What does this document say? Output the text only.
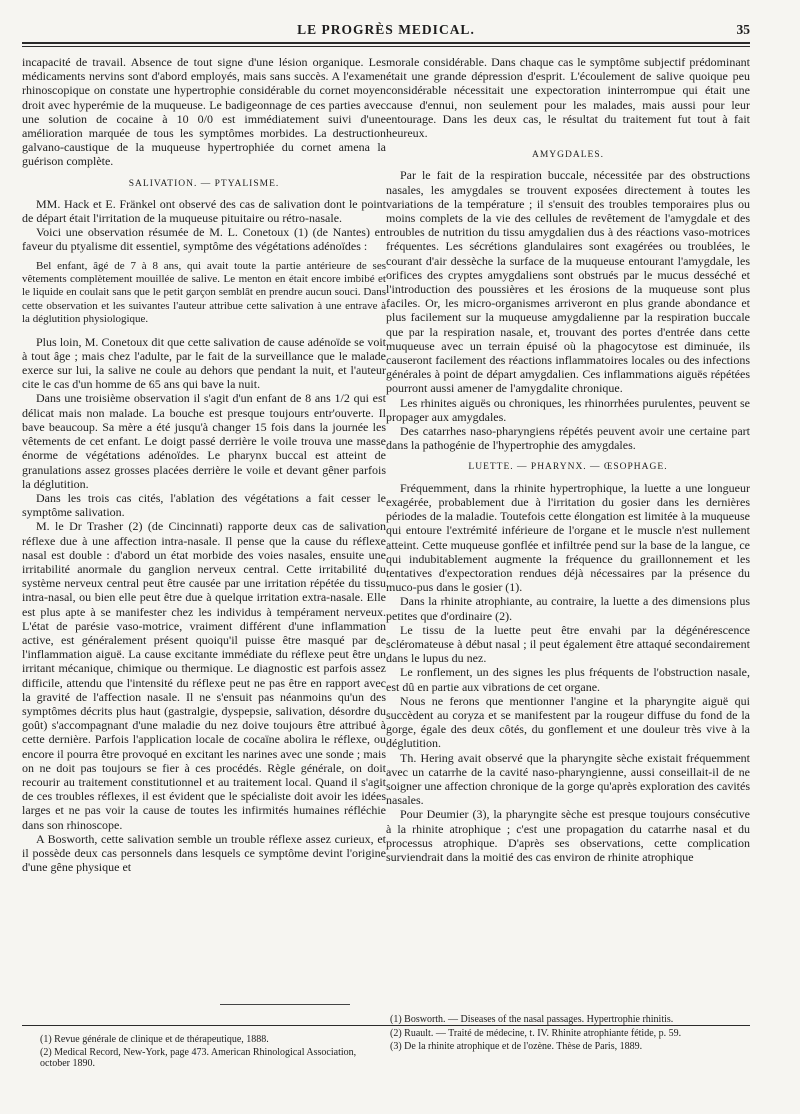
LE PROGRÈS MEDICAL.	35

incapacité de travail. Absence de tout signe d'une lésion organique. Les médicaments nervins sont d'abord employés, mais sans succès. A l'examen rhinoscopique on constate une hypertrophie considérable du cornet moyen droit avec hyperémie de la muqueuse. Le badigeonnage de ces parties avec une solution de cocaine à 10 0/0 est immédiatement suivi d'une amélioration marquée de tous les symptômes morbides. La destruction galvano-caustique de la muqueuse hypertrophiée du cornet amena la guérison complète.

SALIVATION. — PTYALISME.

MM. Hack et E. Fränkel ont observé des cas de salivation dont le point de départ était l'irritation de la muqueuse pituitaire ou rétro-nasale.

Voici une observation résumée de M. L. Conetoux (1) (de Nantes) en faveur du ptyalisme dit essentiel, symptôme des végétations adénoïdes :

Bel enfant, âgé de 7 à 8 ans, qui avait toute la partie antérieure de ses vêtements complètement mouillée de salive. Le menton en était encore imbibé et le liquide en coulait sans que le petit garçon semblât en prendre aucun souci. Dans cette observation et les suivantes l'auteur attribue cette salivation à une entrave à la déglutition physiologique.

Plus loin, M. Conetoux dit que cette salivation de cause adénoïde se voit à tout âge ; mais chez l'adulte, par le fait de la surveillance que le malade exerce sur lui, la salive ne coule au dehors que pendant la nuit, et l'auteur cite le cas d'un homme de 65 ans qui bave la nuit.

Dans une troisième observation il s'agit d'un enfant de 8 ans 1/2 qui est délicat mais non malade. La bouche est presque toujours entr'ouverte. Il bave beaucoup. Sa mère a été jusqu'à changer 15 fois dans la journée les vêtements de cet enfant. Le doigt passé derrière le voile trouva une masse énorme de végétations adénoïdes. Le pharynx buccal est atteint de granulations assez grosses placées derrière le voile et devant gêner parfois la déglutition.

Dans les trois cas cités, l'ablation des végétations a fait cesser le symptôme salivation.

M. le Dr Trasher (2) (de Cincinnati) rapporte deux cas de salivation réflexe due à une affection intra-nasale. Il pense que la cause du réflexe nasal est double : d'abord un état morbide des voies nasales, ensuite une irritabilité anormale du ganglion nerveux central. Cette irritabilité du système nerveux central peut être causée par une irritation répétée du tissu intra-nasal, ou bien elle peut être due à quelque irritation extra-nasale. Elle est plus apte à se manifester chez les individus à tempérament nerveux. L'état de parésie vaso-motrice, vraiment différent d'une inflammation active, est généralement présent quoiqu'il puisse être masqué par de l'inflammation aiguë. La cause excitante immédiate du réflexe peut être un irritant mécanique, chimique ou thermique. Le diagnostic est parfois assez difficile, attendu que l'intensité du réflexe peut ne pas être en rapport avec la gravité de l'affection nasale. Il ne s'ensuit pas néanmoins qu'un des symptômes décrits plus haut (gastralgie, dyspepsie, salivation, désordre du goût) s'accompagnant d'une maladie du nez doive toujours être attribué à cette dernière. Parfois l'application locale de cocaïne abolira le réflexe, ou encore il pourra être provoqué en excitant les narines avec une sonde ; mais on ne doit pas toujours se fier à ces procédés. Règle générale, on doit recourir au traitement constitutionnel et au traitement local. Quand il s'agit de ces troubles réflexes, il est évident que le spécialiste doit avoir les idées larges et ne pas voir la cause de toutes les infirmités humaines réfléchie dans son rhinoscope.

A Bosworth, cette salivation semble un trouble réflexe assez curieux, et il possède deux cas personnels dans lesquels ce symptôme devint l'origine d'une gêne physique et

morale considérable. Dans chaque cas le symptôme subjectif prédominant était une grande dépression d'esprit. L'écoulement de salive quoique peu considérable nécessitait une expectoration ininterrompue qui était une cause d'ennui, non seulement pour les malades, mais aussi pour leur entourage. Dans les deux cas, le résultat du traitement fut tout à fait heureux.

AMYGDALES.

Par le fait de la respiration buccale, nécessitée par des obstructions nasales, les amygdales se trouvent exposées directement à toutes les variations de la température ; il s'ensuit des troubles temporaires plus ou moins complets de la vie des cellules de revêtement de l'amygdale et des troubles de nutrition du tissu amygdalien dus à des réactions vaso-motrices fréquentes. Les sécrétions glandulaires sont exagérées ou troublées, le courant d'air dessèche la surface de la muqueuse entourant l'amygdale, les orifices des cryptes amygdaliens sont obstrués par le mucus desséché et l'introduction des poussières et les érosions de la muqueuse sont plus faciles. Or, les micro-organismes arriveront en plus grande abondance et plus facilement sur la muqueuse amygdalienne par la respiration buccale que par la respiration nasale, et, trouvant des portes d'entrée dans cette muqueuse avec un terrain épuisé où la phagocytose est diminuée, ils causeront facilement des réactions inflammatoires locales ou des infections générales à point de départ amygdalien. Ces inflammations aiguës répétées pourront aussi amener de l'amygdalite chronique.

Les rhinites aiguës ou chroniques, les rhinorrhées purulentes, peuvent se propager aux amygdales.

Des catarrhes naso-pharyngiens répétés peuvent avoir une certaine part dans la pathogénie de l'hypertrophie des amygdales.

LUETTE. — PHARYNX. — ŒSOPHAGE.

Fréquemment, dans la rhinite hypertrophique, la luette a une longueur exagérée, probablement due à l'irritation du gosier dans les dernières périodes de la maladie. Toutefois cette élongation est limitée à la muqueuse qui entoure l'extrémité inférieure de l'organe et le muscle n'est nullement atteint. Cette muqueuse gonflée et infiltrée pend sur la base de la langue, ce qui indubitablement augmente la fréquence du graillonnement et les tentatives d'expectoration rendues déjà nécessaires par la présence du muco-pus dans le gosier (1).

Dans la rhinite atrophiante, au contraire, la luette a des dimensions plus petites que d'ordinaire (2).

Le tissu de la luette peut être envahi par la dégénérescence scléromateuse à début nasal ; il peut également être attaqué secondairement dans le lupus du nez.

Le ronflement, un des signes les plus fréquents de l'obstruction nasale, est dû en partie aux vibrations de cet organe.

Nous ne ferons que mentionner l'angine et la pharyngite aiguë qui succèdent au coryza et se manifestent par la rougeur diffuse du fond de la gorge, égale des deux côtés, du gonflement et une douleur très vive à la déglutition.

Th. Hering avait observé que la pharyngite sèche existait fréquemment avec un catarrhe de la cavité naso-pharyngienne, aussi conseillait-il de ne soigner une affection chronique de la gorge qu'après exploration des cavités nasales.

Pour Deumier (3), la pharyngite sèche est presque toujours consécutive à la rhinite atrophique ; c'est une propagation du catarrhe nasal et du processus atrophique. D'après ses observations, cette complication surviendrait dans la moitié des cas environ de rhinite atrophique

(1) Revue générale de clinique et de thérapeutique, 1888.
(2) Medical Record, New-York, page 473. American Rhinological Association, october 1890.
(1) Bosworth. — Diseases of the nasal passages. Hypertrophie rhinitis.
(2) Ruault. — Traité de médecine, t. IV. Rhinite atrophiante fétide, p. 59.
(3) De la rhinite atrophique et de l'ozène. Thèse de Paris, 1889.
